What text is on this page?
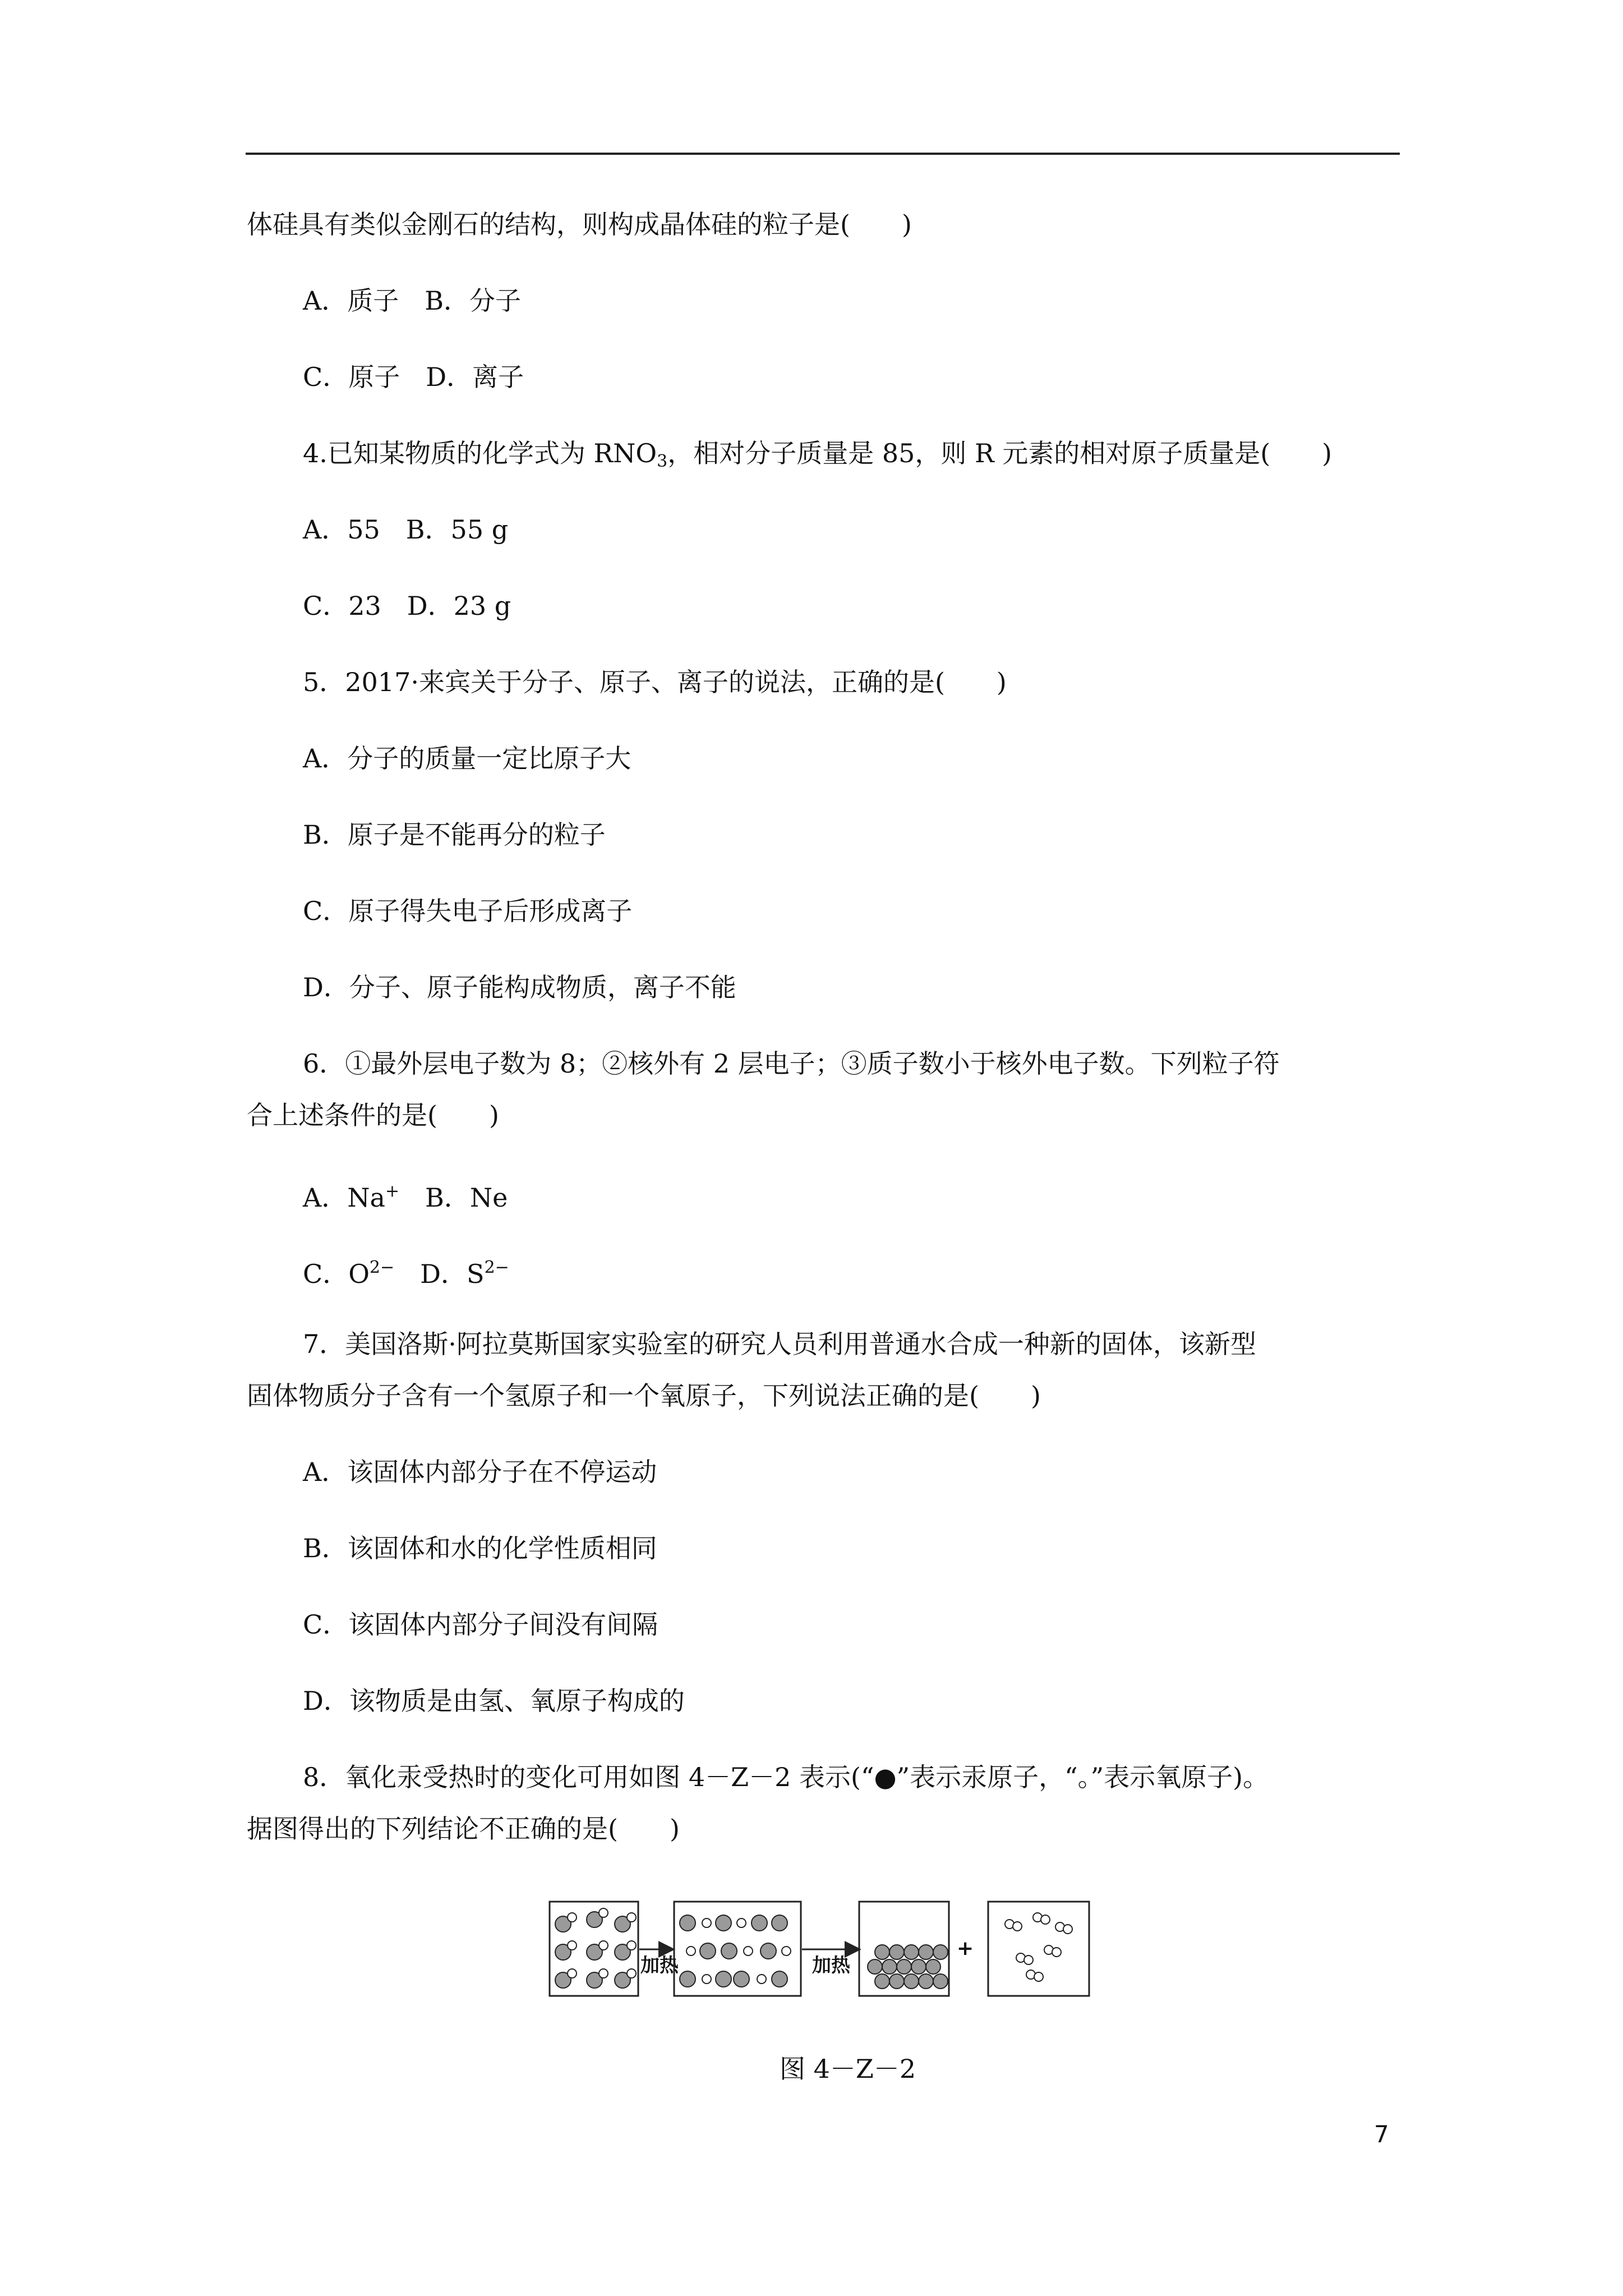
体硅具有类似金刚石的结构，则构成晶体硅的粒子是(　　)
A．质子　B．分子
C．原子　D．离子
4.已知某物质的化学式为 $RNO_3$，相对分子质量是 85，则 R 元素的相对原子质量是(　　)
A．55　B．55 g
C．23　D．23 g
5．2017·来宾关于分子、原子、离子的说法，正确的是(　　)
A．分子的质量一定比原子大
B．原子是不能再分的粒子
C．原子得失电子后形成离子
D．分子、原子能构成物质，离子不能
6．①最外层电子数为 8；②核外有 2 层电子；③质子数小于核外电子数。下列粒子符
合上述条件的是(　　)
A．Na+　B．Ne
C．$O^{2-}$　D．$S^{2-}$
7．美国洛斯·阿拉莫斯国家实验室的研究人员利用普通水合成一种新的固体，该新型
固体物质分子含有一个氢原子和一个氧原子，下列说法正确的是(　　)
A．该固体内部分子在不停运动
B．该固体和水的化学性质相同
C．该固体内部分子间没有间隔
D．该物质是由氢、氧原子构成的
8．氧化汞受热时的变化可用如图 4－Z－2 表示(“●”表示汞原子，“。”表示氧原子)。
据图得出的下列结论不正确的是(　　)
加热	加热
+
图 4－Z－2
7
